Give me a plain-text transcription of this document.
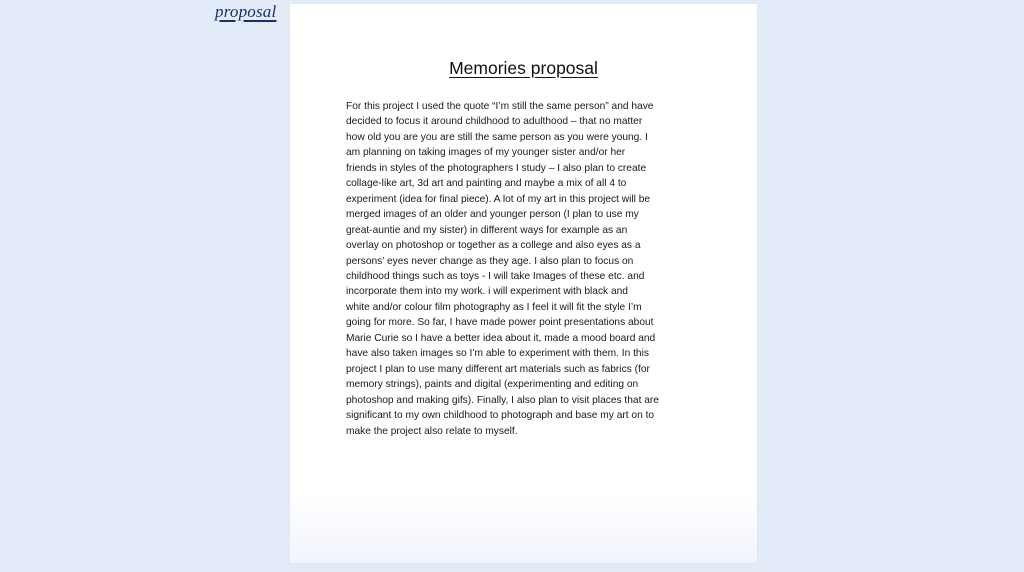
proposal
Memories proposal
For this project I used the quote “I’m still the same person” and have
decided to focus it around childhood to adulthood – that no matter
how old you are you are still the same person as you were young. I
am planning on taking images of my younger sister and/or her
friends in styles of the photographers I study – I also plan to create
collage-like art, 3d art and painting and maybe a mix of all 4 to
experiment (idea for final piece). A lot of my art in this project will be
merged images of an older and younger person (I plan to use my
great-auntie and my sister) in different ways for example as an
overlay on photoshop or together as a college and also eyes as a
persons’ eyes never change as they age. I also plan to focus on
childhood things such as toys - I will take Images of these etc. and
incorporate them into my work. i will experiment with black and
white and/or colour film photography as I feel it will fit the style I’m
going for more. So far, I have made power point presentations about
Marie Curie so I have a better idea about it, made a mood board and
have also taken images so I’m able to experiment with them. In this
project I plan to use many different art materials such as fabrics (for
memory strings), paints and digital (experimenting and editing on
photoshop and making gifs). Finally, I also plan to visit places that are
significant to my own childhood to photograph and base my art on to
make the project also relate to myself.
